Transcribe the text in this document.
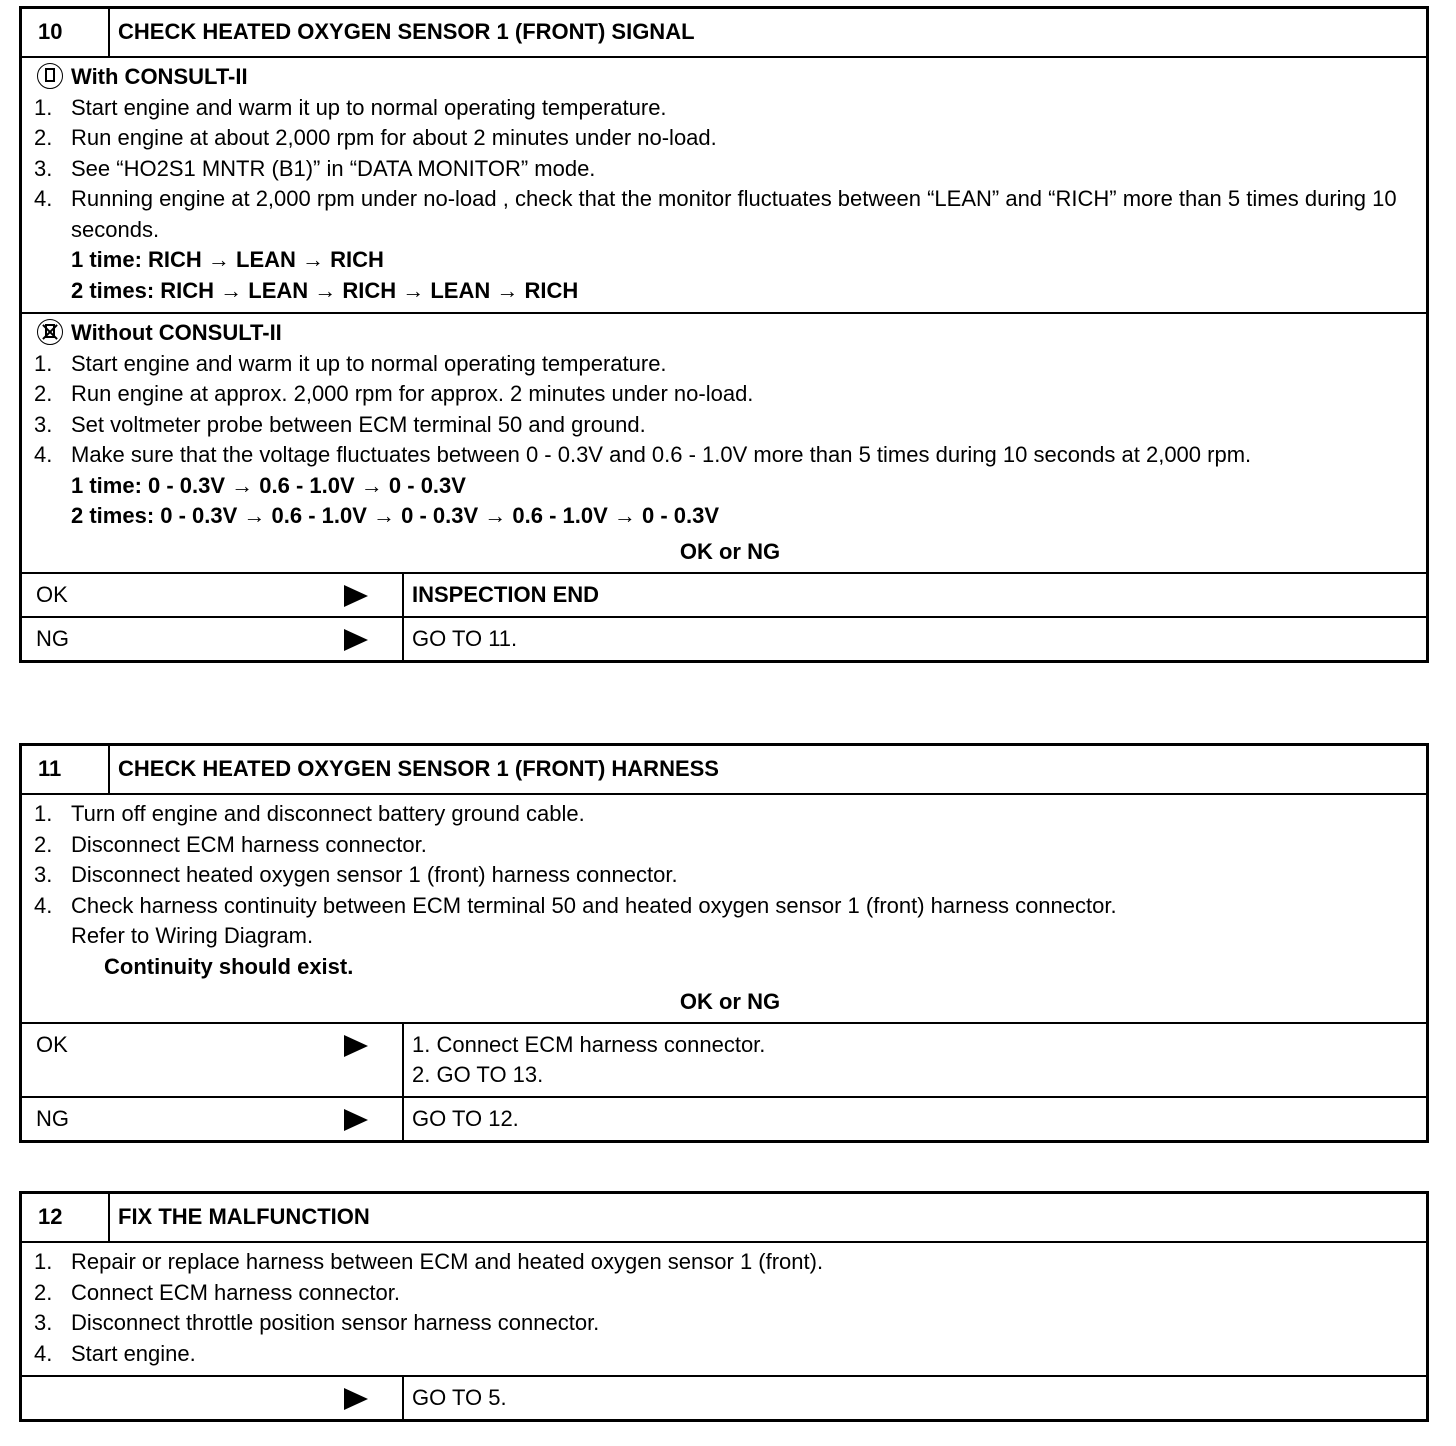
10	CHECK HEATED OXYGEN SENSOR 1 (FRONT) SIGNAL
With CONSULT-II
1. Start engine and warm it up to normal operating temperature.
2. Run engine at about 2,000 rpm for about 2 minutes under no-load.
3. See “HO2S1 MNTR (B1)” in “DATA MONITOR” mode.
4. Running engine at 2,000 rpm under no-load , check that the monitor fluctuates between “LEAN” and “RICH” more than 5 times during 10 seconds.
1 time: RICH → LEAN → RICH
2 times: RICH → LEAN → RICH → LEAN → RICH
Without CONSULT-II
1. Start engine and warm it up to normal operating temperature.
2. Run engine at approx. 2,000 rpm for approx. 2 minutes under no-load.
3. Set voltmeter probe between ECM terminal 50 and ground.
4. Make sure that the voltage fluctuates between 0 - 0.3V and 0.6 - 1.0V more than 5 times during 10 seconds at 2,000 rpm.
1 time: 0 - 0.3V → 0.6 - 1.0V → 0 - 0.3V
2 times: 0 - 0.3V → 0.6 - 1.0V → 0 - 0.3V → 0.6 - 1.0V → 0 - 0.3V
OK or NG
OK	INSPECTION END
NG	GO TO 11.
11	CHECK HEATED OXYGEN SENSOR 1 (FRONT) HARNESS
1. Turn off engine and disconnect battery ground cable.
2. Disconnect ECM harness connector.
3. Disconnect heated oxygen sensor 1 (front) harness connector.
4. Check harness continuity between ECM terminal 50 and heated oxygen sensor 1 (front) harness connector.
Refer to Wiring Diagram.
Continuity should exist.
OK or NG
OK	1. Connect ECM harness connector.
2. GO TO 13.
NG	GO TO 12.
12	FIX THE MALFUNCTION
1. Repair or replace harness between ECM and heated oxygen sensor 1 (front).
2. Connect ECM harness connector.
3. Disconnect throttle position sensor harness connector.
4. Start engine.
GO TO 5.
